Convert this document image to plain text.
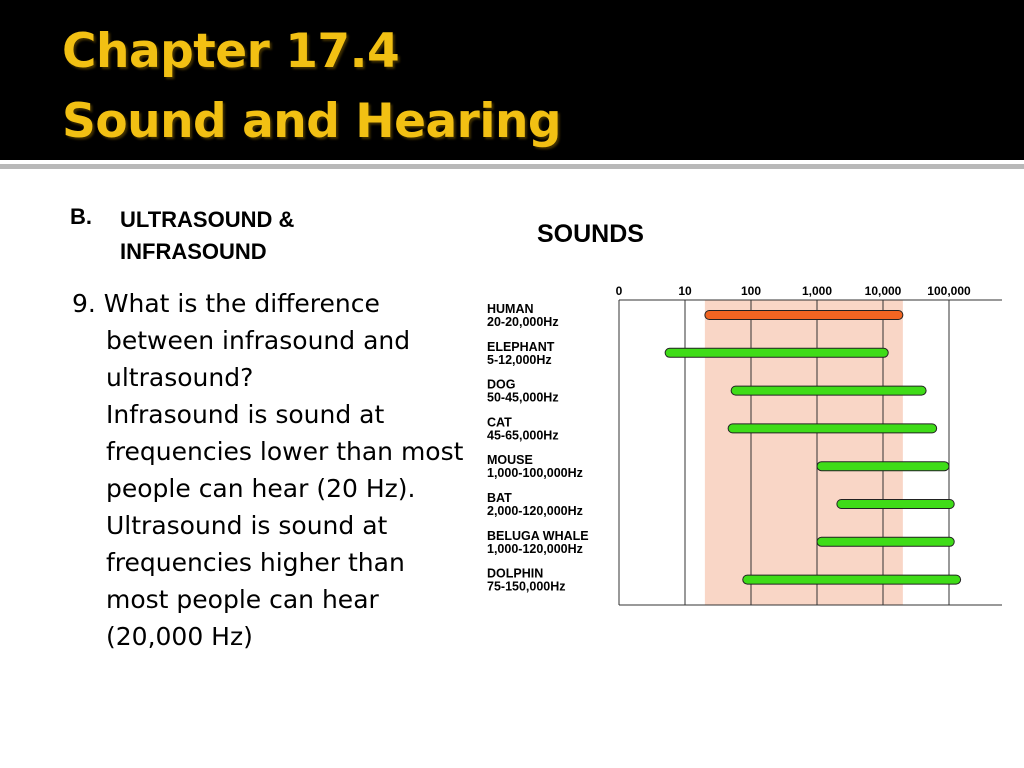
Chapter 17.4
Sound and Hearing
B. ULTRASOUND & INFRASOUND
SOUNDS
9. What is the difference between infrasound and ultrasound?
Infrasound is sound at frequencies lower than most people can hear (20 Hz).
Ultrasound is sound at frequencies higher than most people can hear (20,000 Hz)
0	10	100	1,000	10,000 100,000
HUMAN
20-20,000Hz
ELEPHANT
5-12,000Hz
DOG
50-45,000Hz
CAT
45-65,000Hz
MOUSE
1,000-100,000Hz
BAT
2,000-120,000Hz
BELUGA WHALE
1,000-120,000Hz
DOLPHIN
75-150,000Hz
